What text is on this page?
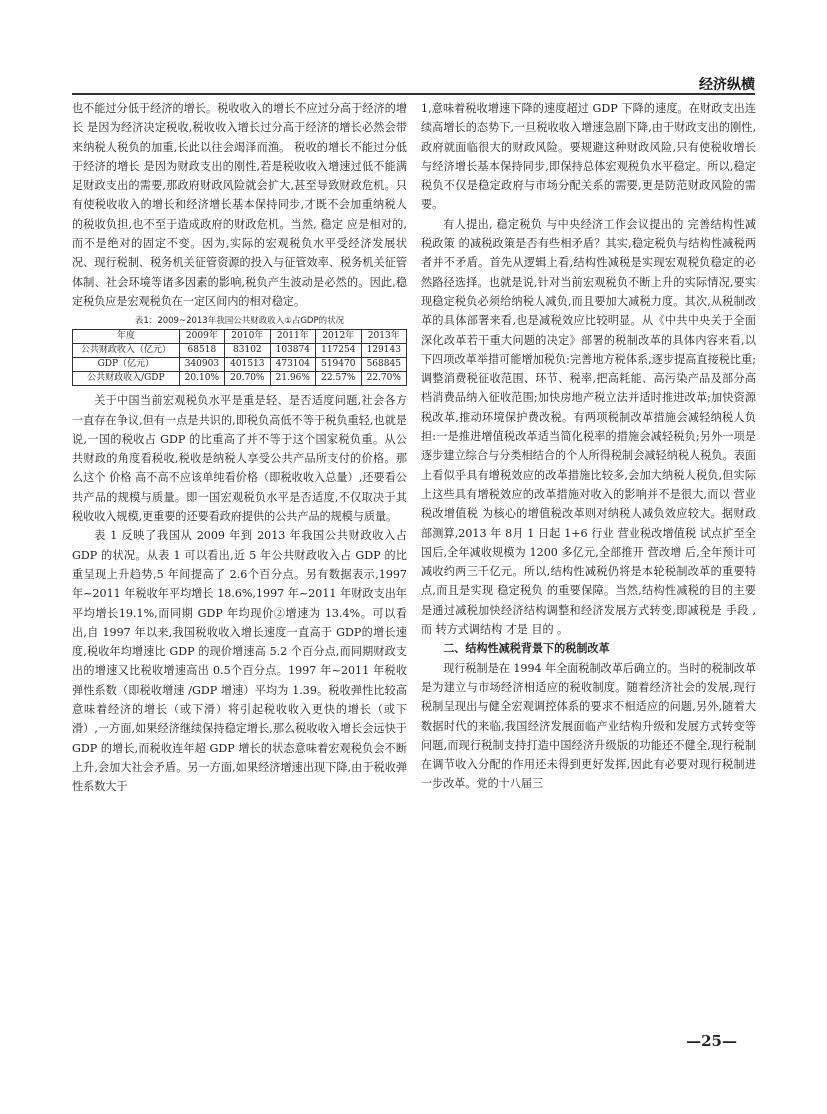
经济纵横

也不能过分低于经济的增长。税收收入的增长不应过分高于经济的增长 是因为经济决定税收,税收收入增长过分高于经济的增长必然会带来纳税人税负的加重,长此以往会竭泽而渔。 税收的增长不能过分低于经济的增长 是因为财政支出的刚性,若是税收收入增速过低不能满足财政支出的需要,那政府财政风险就会扩大,甚至导致财政危机。只有使税收收入的增长和经济增长基本保持同步,才既不会加重纳税人的税收负担,也不至于造成政府的财政危机。当然, 稳定 应是相对的,而不是绝对的固定不变。因为,实际的宏观税负水平受经济发展状况、现行税制、税务机关征管资源的投入与征管效率、税务机关征管体制、社会环境等诸多因素的影响,税负产生波动是必然的。因此,稳定税负应是宏观税负在一定区间内的相对稳定。

表1：2009~2013年我国公共财政收入①占GDP的状况
年度	2009年	2010年	2011年	2012年	2013年
公共财政收入（亿元）	68518	83102	103874	117254	129143
GDP（亿元）	340903	401513	473104	519470	568845
公共财政收入/GDP	20.10%	20.70%	21.96%	22.57%	22.70%

关于中国当前宏观税负水平是重是轻、是否适度问题,社会各方一直存在争议,但有一点是共识的,即税负高低不等于税负重轻,也就是说,一国的税收占 GDP 的比重高了并不等于这个国家税负重。从公共财政的角度看税收,税收是纳税人享受公共产品所支付的价格。那么这个 价格 高不高不应该单纯看价格（即税收收入总量）,还要看公共产品的规模与质量。即一国宏观税负水平是否适度,不仅取决于其税收收入规模,更重要的还要看政府提供的公共产品的规模与质量。

表 1 反映了我国从 2009 年到 2013 年我国公共财政收入占 GDP 的状况。从表 1 可以看出,近 5 年公共财政收入占 GDP 的比重呈现上升趋势,5 年间提高了 2.6个百分点。另有数据表示,1997 年~2011 年税收年平均增长 18.6%,1997 年~2011 年财政支出年平均增长19.1%,而同期 GDP 年均现价②增速为 13.4%。可以看出,自 1997 年以来,我国税收收入增长速度一直高于 GDP的增长速度,税收年均增速比 GDP 的现价增速高 5.2 个百分点,而同期财政支出的增速又比税收增速高出 0.5个百分点。1997 年~2011 年税收弹性系数（即税收增速 /GDP 增速）平均为 1.39。税收弹性比较高意味着经济的增长（或下滑）将引起税收收入更快的增长（或下滑）,一方面,如果经济继续保持稳定增长,那么税收收入增长会远快于 GDP 的增长,而税收连年超 GDP 增长的状态意味着宏观税负会不断上升,会加大社会矛盾。另一方面,如果经济增速出现下降,由于税收弹性系数大于

1,意味着税收增速下降的速度超过 GDP 下降的速度。在财政支出连续高增长的态势下,一旦税收收入增速急剧下降,由于财政支出的刚性,政府就面临很大的财政风险。要规避这种财政风险,只有使税收增长与经济增长基本保持同步,即保持总体宏观税负水平稳定。所以,稳定税负不仅是稳定政府与市场分配关系的需要,更是防范财政风险的需要。

有人提出, 稳定税负 与中央经济工作会议提出的 完善结构性减税政策 的减税政策是否有些相矛盾？其实,稳定税负与结构性减税两者并不矛盾。首先从逻辑上看,结构性减税是实现宏观税负稳定的必然路径选择。也就是说,针对当前宏观税负不断上升的实际情况,要实现稳定税负必须给纳税人减负,而且要加大减税力度。其次,从税制改革的具体部署来看,也是减税效应比较明显。从《中共中央关于全面深化改革若干重大问题的决定》部署的税制改革的具体内容来看,以下四项改革举措可能增加税负:完善地方税体系,逐步提高直接税比重;调整消费税征收范围、环节、税率,把高耗能、高污染产品及部分高档消费品纳入征收范围;加快房地产税立法并适时推进改革;加快资源税改革,推动环境保护费改税。有两项税制改革措施会减轻纳税人负担:一是推进增值税改革适当简化税率的措施会减轻税负;另外一项是逐步建立综合与分类相结合的个人所得税制会减轻纳税人税负。表面上看似乎具有增税效应的改革措施比较多,会加大纳税人税负,但实际上这些具有增税效应的改革措施对收入的影响并不是很大,而以 营业税改增值税 为核心的增值税改革则对纳税人减负效应较大。据财政部测算,2013 年 8月 1 日起 1+6 行业 营业税改增值税 试点扩至全国后,全年减收规模为 1200 多亿元,全部推开 营改增 后,全年预计可减收约两三千亿元。所以,结构性减税仍将是本轮税制改革的重要特点,而且是实现 稳定税负 的重要保障。当然,结构性减税的目的主要是通过减税加快经济结构调整和经济发展方式转变,即减税是 手段 ,而 转方式调结构 才是 目的 。

二、结构性减税背景下的税制改革

现行税制是在 1994 年全面税制改革后确立的。当时的税制改革是为建立与市场经济相适应的税收制度。随着经济社会的发展,现行税制呈现出与健全宏观调控体系的要求不相适应的问题,另外,随着大数据时代的来临,我国经济发展面临产业结构升级和发展方式转变等问题,而现行税制支持打造中国经济升级版的功能还不健全,现行税制在调节收入分配的作用还未得到更好发挥,因此有必要对现行税制进一步改革。党的十八届三

—25—
